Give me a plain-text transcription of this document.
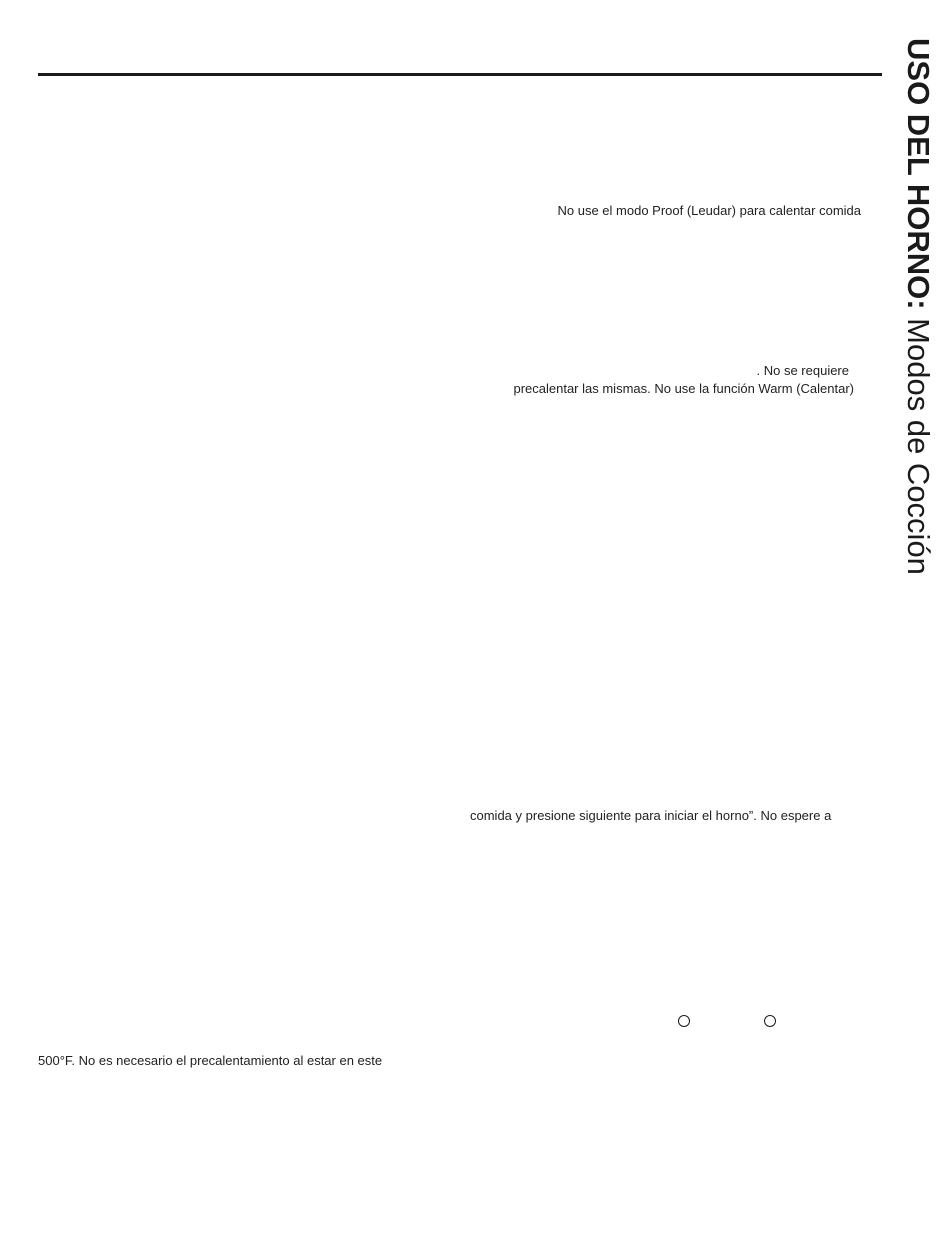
USO DEL HORNO: Modos de Cocción
No use el modo Proof (Leudar) para calentar comida
. No se requiere
precalentar las mismas. No use la función Warm (Calentar)
comida y presione siguiente para iniciar el horno”. No espere a
500°F. No es necesario el precalentamiento al estar en este
